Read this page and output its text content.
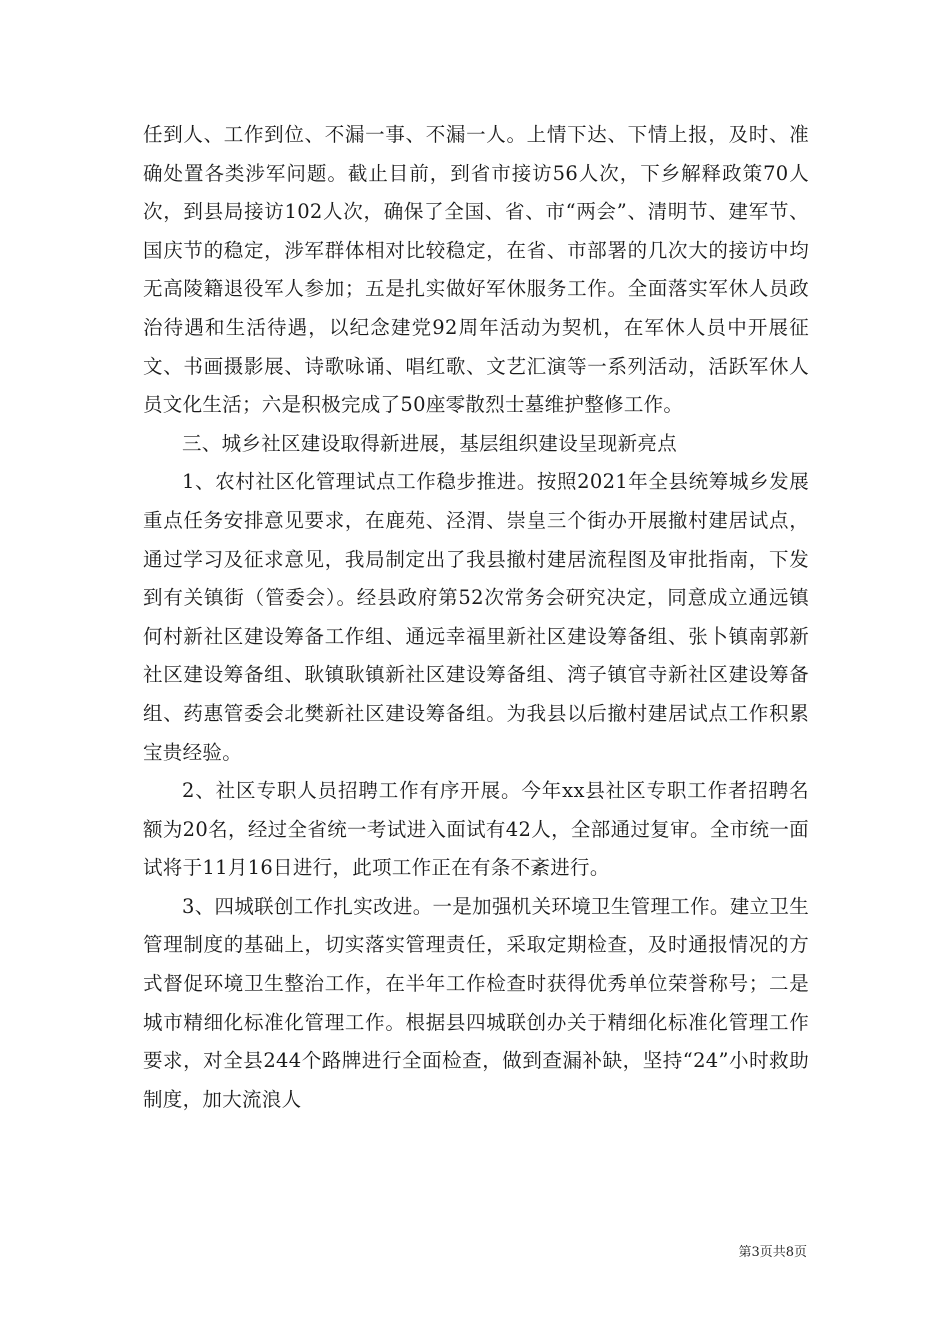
任到人、工作到位、不漏一事、不漏一人。上情下达、下情上报，及时、准确处置各类涉军问题。截止目前，到省市接访56人次，下乡解释政策70人次，到县局接访102人次，确保了全国、省、市“两会”、清明节、建军节、国庆节的稳定，涉军群体相对比较稳定，在省、市部署的几次大的接访中均无高陵籍退役军人参加；五是扎实做好军休服务工作。全面落实军休人员政治待遇和生活待遇，以纪念建党92周年活动为契机，在军休人员中开展征文、书画摄影展、诗歌咏诵、唱红歌、文艺汇演等一系列活动，活跃军休人员文化生活；六是积极完成了50座零散烈士墓维护整修工作。

三、城乡社区建设取得新进展，基层组织建设呈现新亮点

1、农村社区化管理试点工作稳步推进。按照2021年全县统筹城乡发展重点任务安排意见要求，在鹿苑、泾渭、崇皇三个街办开展撤村建居试点，通过学习及征求意见，我局制定出了我县撤村建居流程图及审批指南，下发到有关镇街（管委会）。经县政府第52次常务会研究决定，同意成立通远镇何村新社区建设筹备工作组、通远幸福里新社区建设筹备组、张卜镇南郭新社区建设筹备组、耿镇耿镇新社区建设筹备组、湾子镇官寺新社区建设筹备组、药惠管委会北樊新社区建设筹备组。为我县以后撤村建居试点工作积累宝贵经验。

2、社区专职人员招聘工作有序开展。今年xx县社区专职工作者招聘名额为20名，经过全省统一考试进入面试有42人，全部通过复审。全市统一面试将于11月16日进行，此项工作正在有条不紊进行。

3、四城联创工作扎实改进。一是加强机关环境卫生管理工作。建立卫生管理制度的基础上，切实落实管理责任，采取定期检查，及时通报情况的方式督促环境卫生整治工作，在半年工作检查时获得优秀单位荣誉称号；二是城市精细化标准化管理工作。根据县四城联创办关于精细化标准化管理工作要求，对全县244个路牌进行全面检查，做到查漏补缺，坚持“24”小时救助制度，加大流浪人

第3页共8页
